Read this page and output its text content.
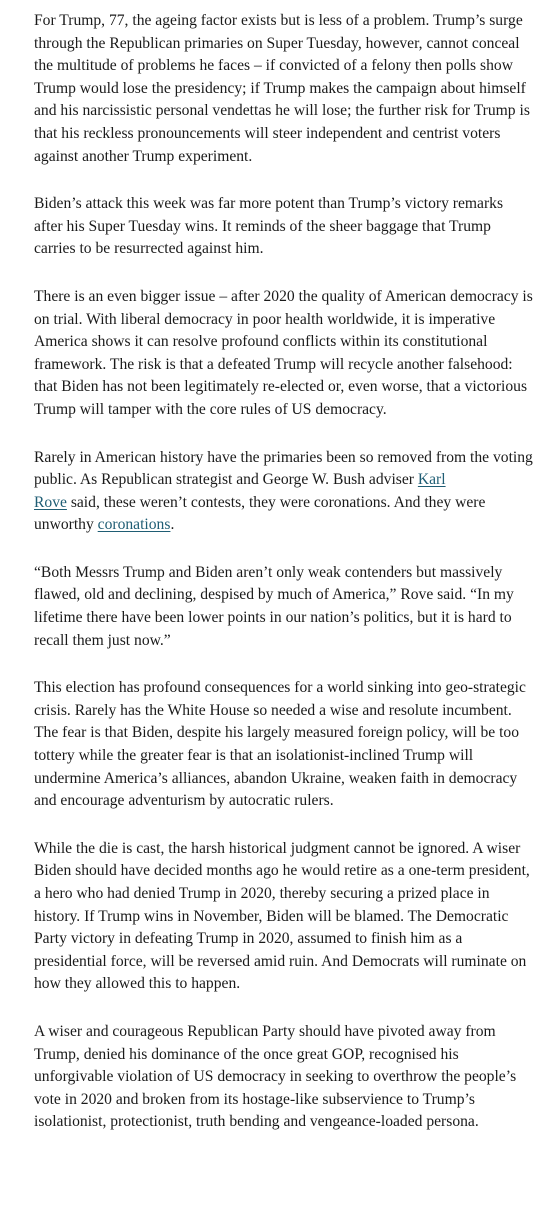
For Trump, 77, the ageing factor exists but is less of a problem. Trump’s surge through the Republican primaries on Super Tuesday, however, cannot conceal the multitude of problems he faces – if convicted of a felony then polls show Trump would lose the presidency; if Trump makes the campaign about himself and his narcissistic personal vendettas he will lose; the further risk for Trump is that his reckless pronouncements will steer independent and centrist voters against another Trump experiment.

Biden’s attack this week was far more potent than Trump’s victory remarks after his Super Tuesday wins. It reminds of the sheer baggage that Trump carries to be resurrected against him.

There is an even bigger issue – after 2020 the quality of American democracy is on trial. With liberal democracy in poor health worldwide, it is imperative America shows it can resolve profound conflicts within its constitutional framework. The risk is that a defeated Trump will recycle another falsehood: that Biden has not been legitimately re-elected or, even worse, that a victorious Trump will tamper with the core rules of US democracy.

Rarely in American history have the primaries been so removed from the voting public. As Republican strategist and George W. Bush adviser Karl
Rove said, these weren’t contests, they were coronations. And they were unworthy coronations.

“Both Messrs Trump and Biden aren’t only weak contenders but massively flawed, old and declining, despised by much of America,” Rove said. “In my lifetime there have been lower points in our nation’s politics, but it is hard to recall them just now.”

This election has profound consequences for a world sinking into geo-strategic crisis. Rarely has the White House so needed a wise and resolute incumbent. The fear is that Biden, despite his largely measured foreign policy, will be too tottery while the greater fear is that an isolationist-inclined Trump will undermine America’s alliances, abandon Ukraine, weaken faith in democracy and encourage adventurism by autocratic rulers.

While the die is cast, the harsh historical judgment cannot be ignored. A wiser Biden should have decided months ago he would retire as a one-term president, a hero who had denied Trump in 2020, thereby securing a prized place in history. If Trump wins in November, Biden will be blamed. The Democratic Party victory in defeating Trump in 2020, assumed to finish him as a presidential force, will be reversed amid ruin. And Democrats will ruminate on how they allowed this to happen.

A wiser and courageous Republican Party should have pivoted away from Trump, denied his dominance of the once great GOP, recognised his unforgivable violation of US democracy in seeking to overthrow the people’s vote in 2020 and broken from its hostage-like subservience to Trump’s isolationist, protectionist, truth bending and vengeance-loaded persona.
